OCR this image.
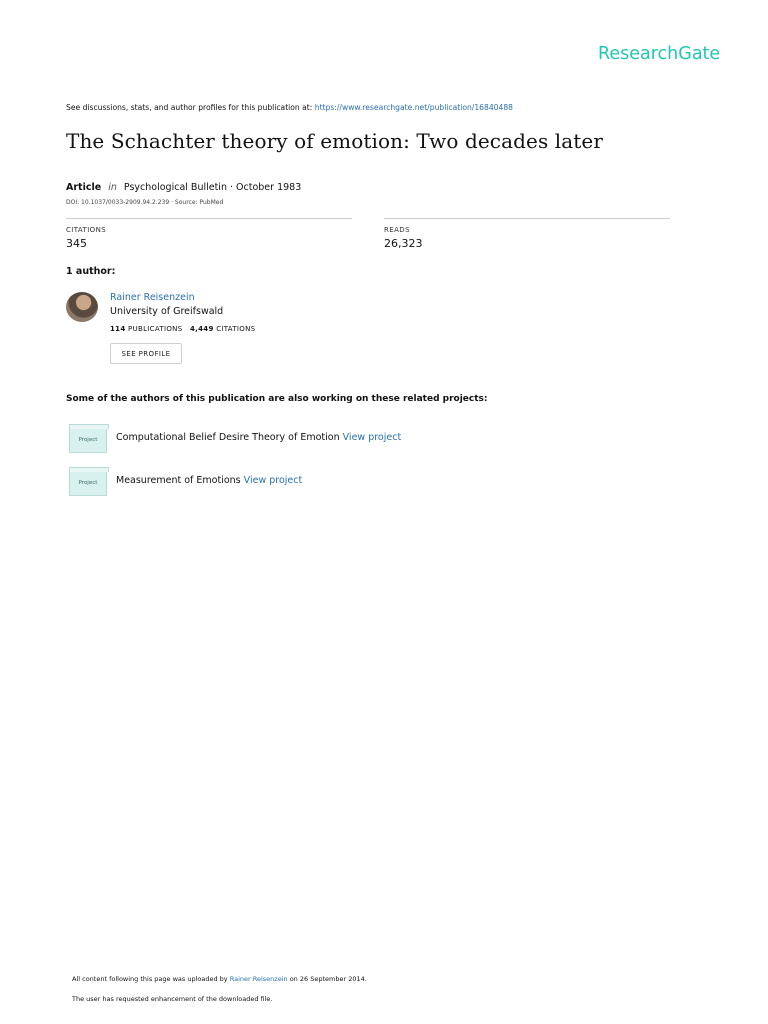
ResearchGate
See discussions, stats, and author profiles for this publication at: https://www.researchgate.net/publication/16840488
The Schachter theory of emotion: Two decades later
Article in Psychological Bulletin · October 1983
DOI: 10.1037/0033-2909.94.2.239 · Source: PubMed
CITATIONS
345
READS
26,323
1 author:
Rainer Reisenzein
University of Greifswald
114 PUBLICATIONS 4,449 CITATIONS
SEE PROFILE
Some of the authors of this publication are also working on these related projects:
Project Computational Belief Desire Theory of Emotion View project
Project Measurement of Emotions View project
All content following this page was uploaded by Rainer Reisenzein on 26 September 2014.
The user has requested enhancement of the downloaded file.
